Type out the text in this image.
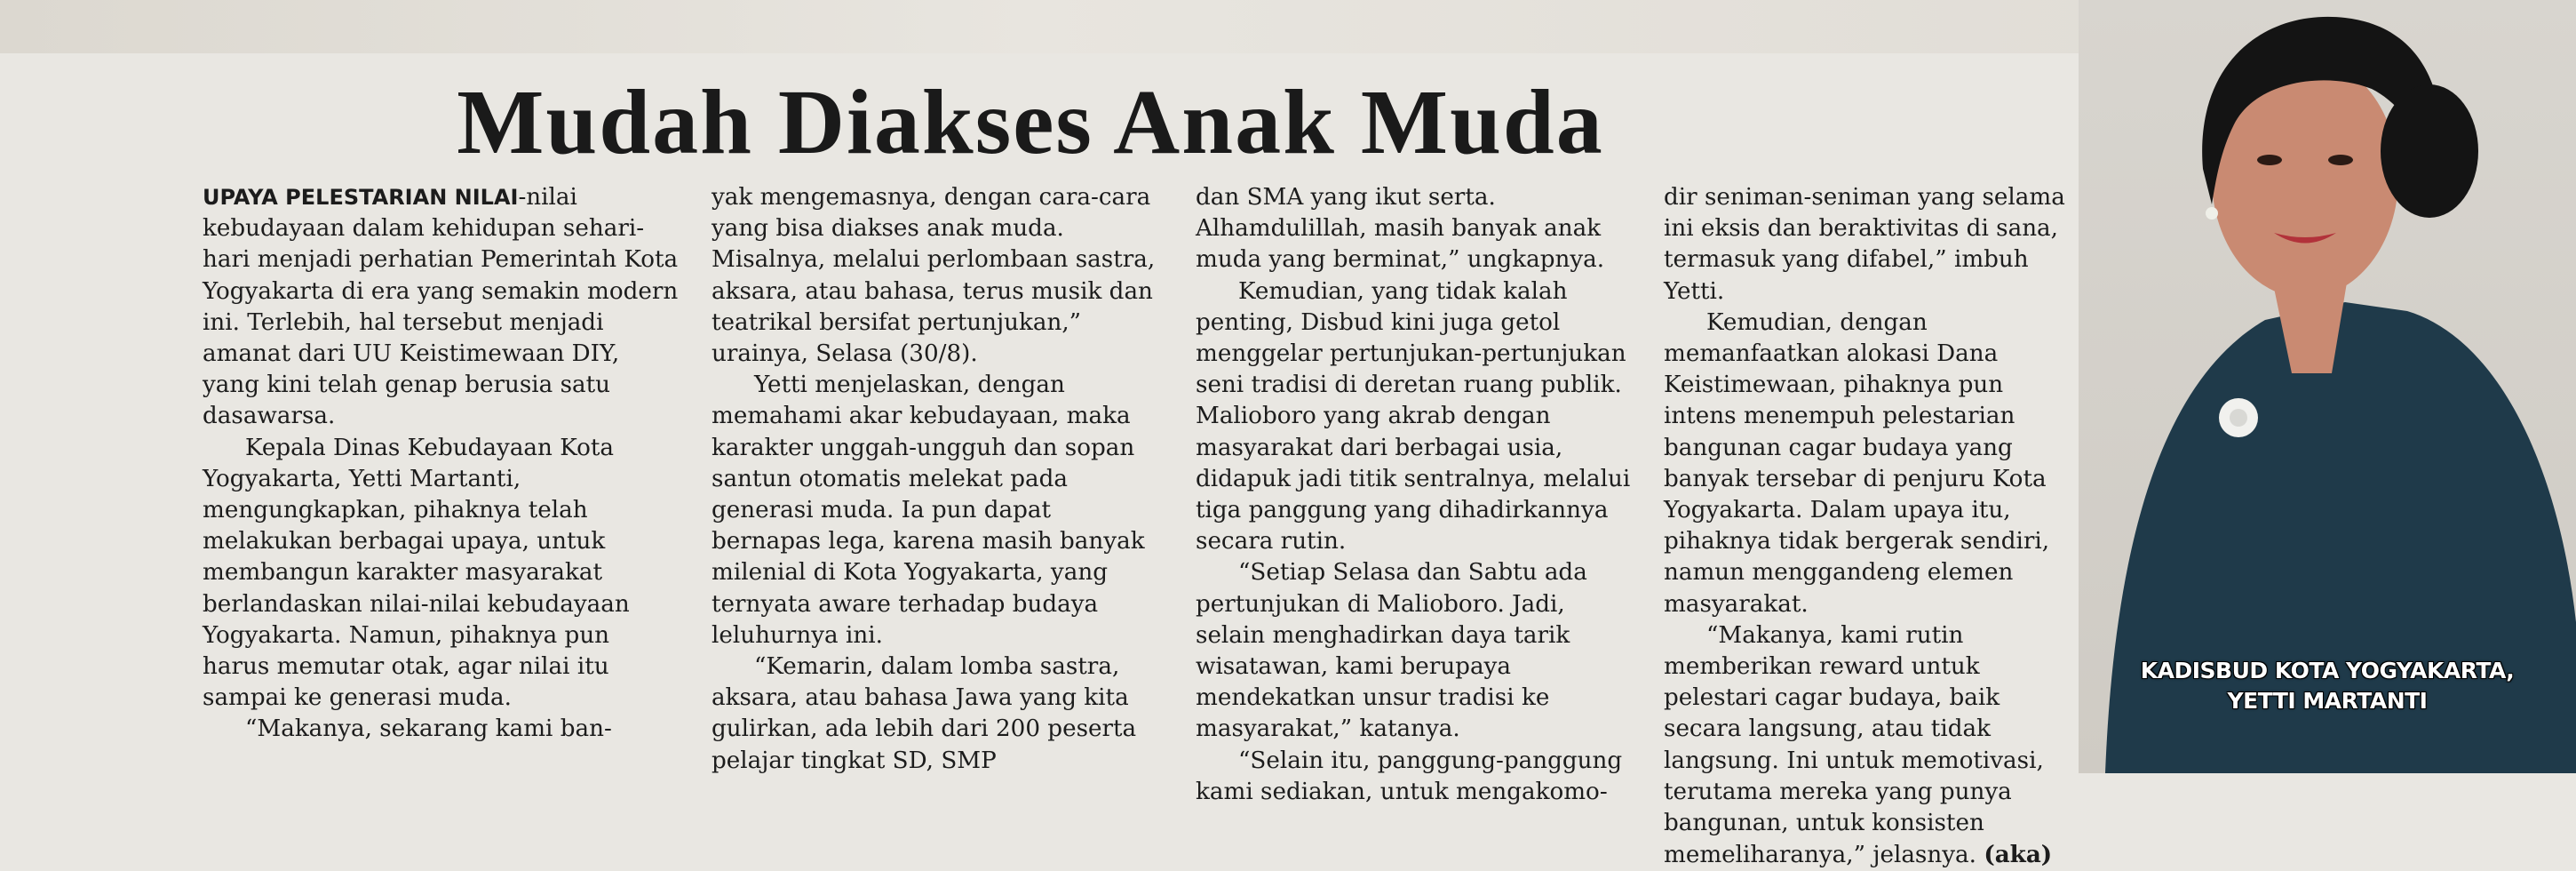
Mudah Diakses Anak Muda

UPAYA PELESTARIAN NILAI-nilai kebudayaan dalam kehidupan sehari-hari menjadi perhatian Pemerintah Kota Yogyakarta di era yang semakin modern ini. Terlebih, hal tersebut menjadi amanat dari UU Keistimewaan DIY, yang kini telah genap berusia satu dasawarsa.

Kepala Dinas Kebudayaan Kota Yogyakarta, Yetti Martanti, mengungkapkan, pihaknya telah melakukan berbagai upaya, untuk membangun karakter masyarakat berlandaskan nilai-nilai kebudayaan Yogyakarta. Namun, pihaknya pun harus memutar otak, agar nilai itu sampai ke generasi muda.

“Makanya, sekarang kami ban-

yak mengemasnya, dengan cara-cara yang bisa diakses anak muda. Misalnya, melalui perlombaan sastra, aksara, atau bahasa, terus musik dan teatrikal bersifat pertunjukan,” urainya, Selasa (30/8).

Yetti menjelaskan, dengan memahami akar kebudayaan, maka karakter unggah-ungguh dan sopan santun otomatis melekat pada generasi muda. Ia pun dapat bernapas lega, karena masih banyak milenial di Kota Yogyakarta, yang ternyata aware terhadap budaya leluhurnya ini.

“Kemarin, dalam lomba sastra, aksara, atau bahasa Jawa yang kita gulirkan, ada lebih dari 200 peserta pelajar tingkat SD, SMP

dan SMA yang ikut serta. Alhamdulillah, masih banyak anak muda yang berminat,” ungkapnya.

Kemudian, yang tidak kalah penting, Disbud kini juga getol menggelar pertunjukan-pertunjukan seni tradisi di deretan ruang publik. Malioboro yang akrab dengan masyarakat dari berbagai usia, didapuk jadi titik sentralnya, melalui tiga panggung yang dihadirkannya secara rutin.

“Setiap Selasa dan Sabtu ada pertunjukan di Malioboro. Jadi, selain menghadirkan daya tarik wisatawan, kami berupaya mendekatkan unsur tradisi ke masyarakat,” katanya.

“Selain itu, panggung-panggung kami sediakan, untuk mengakomo-

dir seniman-seniman yang selama ini eksis dan beraktivitas di sana, termasuk yang difabel,” imbuh Yetti.

Kemudian, dengan memanfaatkan alokasi Dana Keistimewaan, pihaknya pun intens menempuh pelestarian bangunan cagar budaya yang banyak tersebar di penjuru Kota Yogyakarta. Dalam upaya itu, pihaknya tidak bergerak sendiri, namun menggandeng elemen masyarakat.

“Makanya, kami rutin memberikan reward untuk pelestari cagar budaya, baik secara langsung, atau tidak langsung. Ini untuk memotivasi, terutama mereka yang punya bangunan, untuk konsisten memeliharanya,” jelasnya. (aka)

KADISBUD KOTA YOGYAKARTA,
YETTI MARTANTI
